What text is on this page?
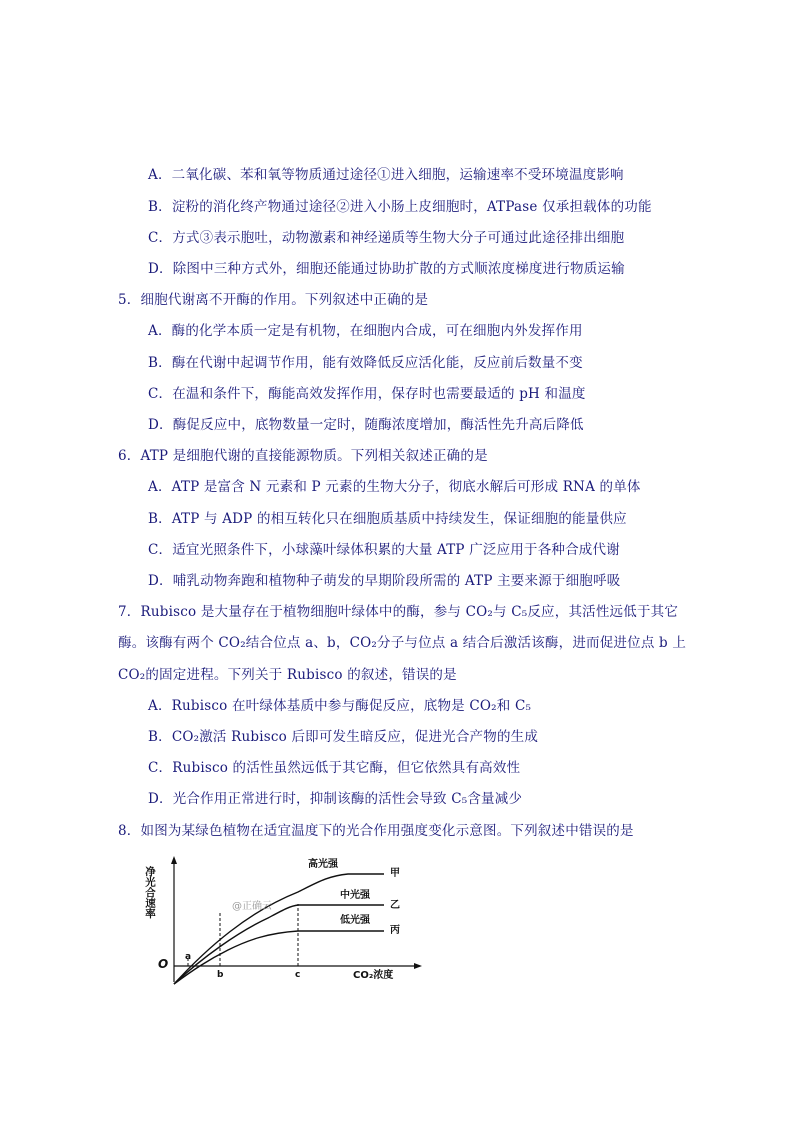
A．二氧化碳、苯和氧等物质通过途径①进入细胞，运输速率不受环境温度影响
B．淀粉的消化终产物通过途径②进入小肠上皮细胞时，ATPase 仅承担载体的功能
C．方式③表示胞吐，动物激素和神经递质等生物大分子可通过此途径排出细胞
D．除图中三种方式外，细胞还能通过协助扩散的方式顺浓度梯度进行物质运输
5．细胞代谢离不开酶的作用。下列叙述中正确的是
A．酶的化学本质一定是有机物，在细胞内合成，可在细胞内外发挥作用
B．酶在代谢中起调节作用，能有效降低反应活化能，反应前后数量不变
C．在温和条件下，酶能高效发挥作用，保存时也需要最适的 pH 和温度
D．酶促反应中，底物数量一定时，随酶浓度增加，酶活性先升高后降低
6．ATP 是细胞代谢的直接能源物质。下列相关叙述正确的是
A．ATP 是富含 N 元素和 P 元素的生物大分子，彻底水解后可形成 RNA 的单体
B．ATP 与 ADP 的相互转化只在细胞质基质中持续发生，保证细胞的能量供应
C．适宜光照条件下，小球藻叶绿体积累的大量 ATP 广泛应用于各种合成代谢
D．哺乳动物奔跑和植物种子萌发的早期阶段所需的 ATP 主要来源于细胞呼吸
7．Rubisco 是大量存在于植物细胞叶绿体中的酶，参与 CO₂与 C₅反应，其活性远低于其它
酶。该酶有两个 CO₂结合位点 a、b，CO₂分子与位点 a 结合后激活该酶，进而促进位点 b 上
CO₂的固定进程。下列关于 Rubisco 的叙述，错误的是
A．Rubisco 在叶绿体基质中参与酶促反应，底物是 CO₂和 C₅
B．CO₂激活 Rubisco 后即可发生暗反应，促进光合产物的生成
C．Rubisco 的活性虽然远低于其它酶，但它依然具有高效性
D．光合作用正常进行时，抑制该酶的活性会导致 C₅含量减少
8．如图为某绿色植物在适宜温度下的光合作用强度变化示意图。下列叙述中错误的是
净光合速率
O a
b	c
高光强
甲
中光强
乙
低光强
丙
CO₂浓度
@正确云
